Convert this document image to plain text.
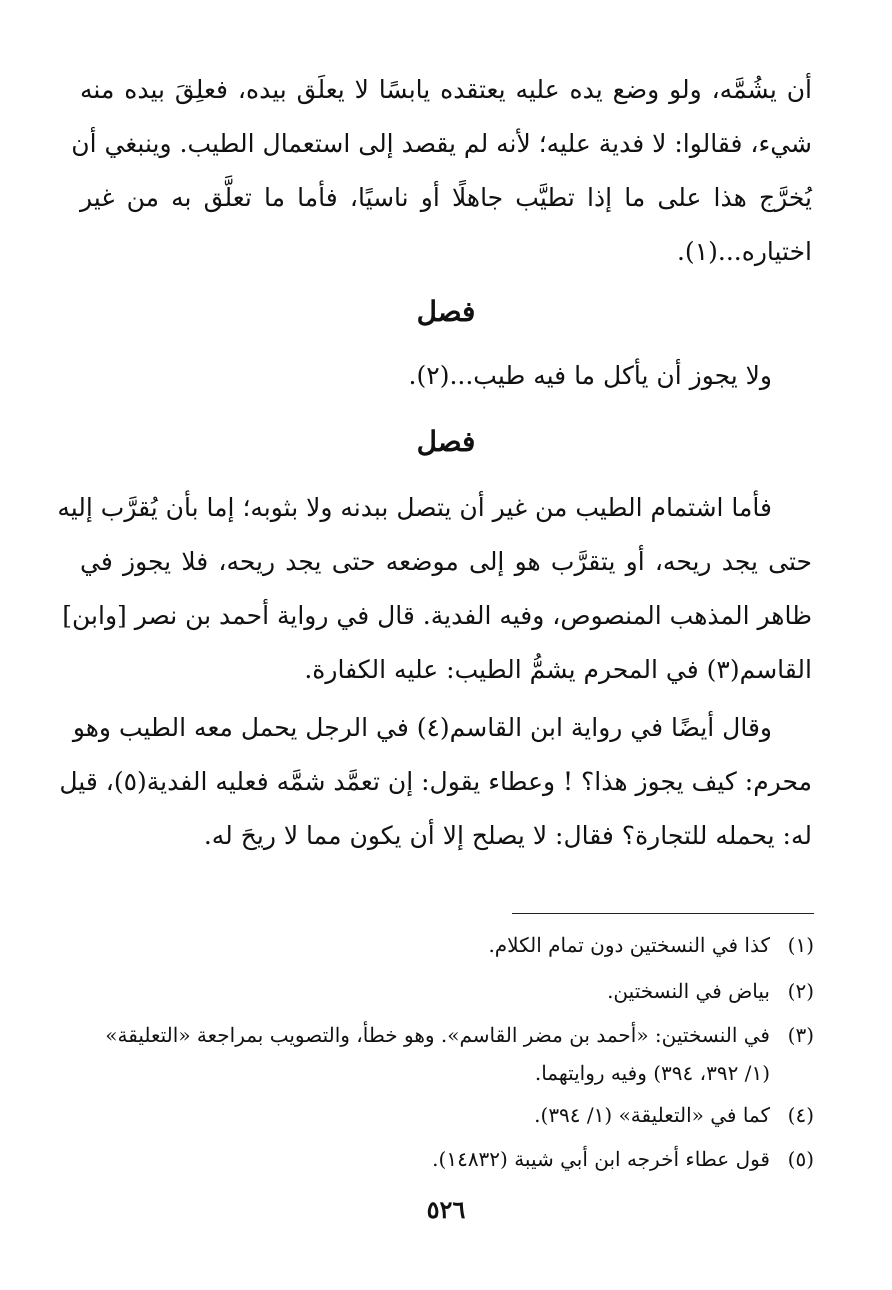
أن يشُمَّه، ولو وضع يده عليه يعتقده يابسًا لا يعلَق بيده، فعلِقَ بيده منه

شيء، فقالوا: لا فدية عليه؛ لأنه لم يقصد إلى استعمال الطيب. وينبغي أن

يُخرَّج هذا على ما إذا تطيَّب جاهلًا أو ناسيًا، فأما ما تعلَّق به من غير

اختياره...(١).

فصل

ولا يجوز أن يأكل ما فيه طيب...(٢).

فصل

فأما اشتمام الطيب من غير أن يتصل ببدنه ولا بثوبه؛ إما بأن يُقرَّب إليه

حتى يجد ريحه، أو يتقرَّب هو إلى موضعه حتى يجد ريحه، فلا يجوز في

ظاهر المذهب المنصوص، وفيه الفدية. قال في رواية أحمد بن نصر [وابن]

القاسم(٣) في المحرم يشمُّ الطيب: عليه الكفارة.

وقال أيضًا في رواية ابن القاسم(٤) في الرجل يحمل معه الطيب وهو

محرم: كيف يجوز هذا؟ ! وعطاء يقول: إن تعمَّد شمَّه فعليه الفدية(٥)، قيل

له: يحمله للتجارة؟ فقال: لا يصلح إلا أن يكون مما لا ريحَ له.

(١)كذا في النسختين دون تمام الكلام.

(٢)بياض في النسختين.

(٣)في النسختين: «أحمد بن مضر القاسم». وهو خطأ، والتصويب بمراجعة «التعليقة»

(١/ ٣٩٢، ٣٩٤) وفيه روايتهما.

(٤)كما في «التعليقة» (١/ ٣٩٤).

(٥)قول عطاء أخرجه ابن أبي شيبة (١٤٨٣٢).

٥٢٦
